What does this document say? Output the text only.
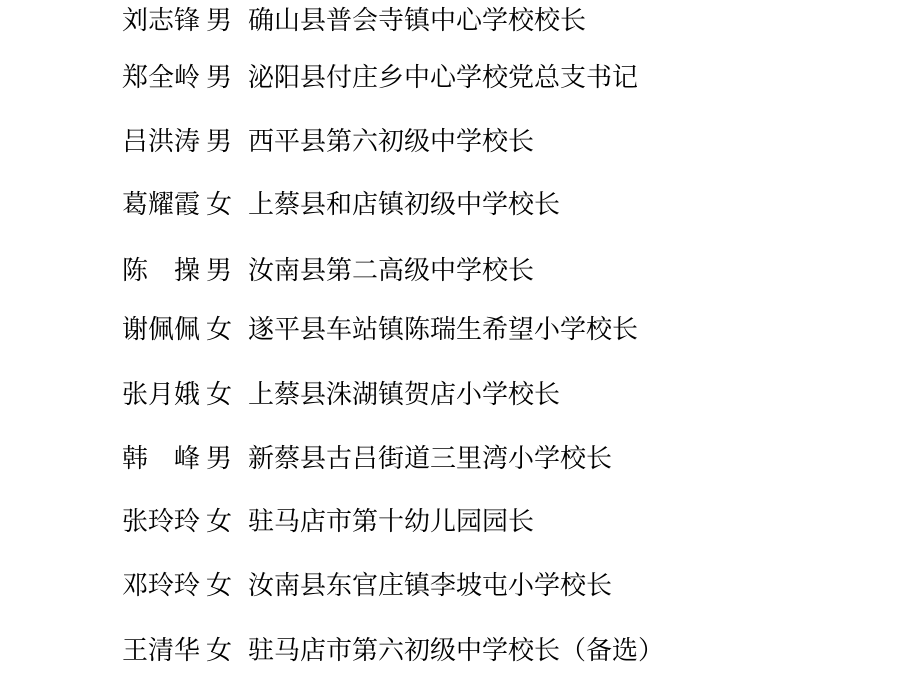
刘志锋 男 确山县普会寺镇中心学校校长
郑全岭 男 泌阳县付庄乡中心学校党总支书记
吕洪涛 男 西平县第六初级中学校长
葛耀霞 女 上蔡县和店镇初级中学校长
陈　操 男 汝南县第二高级中学校长
谢佩佩 女 遂平县车站镇陈瑞生希望小学校长
张月娥 女 上蔡县洙湖镇贺店小学校长
韩　峰 男 新蔡县古吕街道三里湾小学校长
张玲玲 女 驻马店市第十幼儿园园长
邓玲玲 女 汝南县东官庄镇李坡屯小学校长
王清华 女 驻马店市第六初级中学校长（备选）
